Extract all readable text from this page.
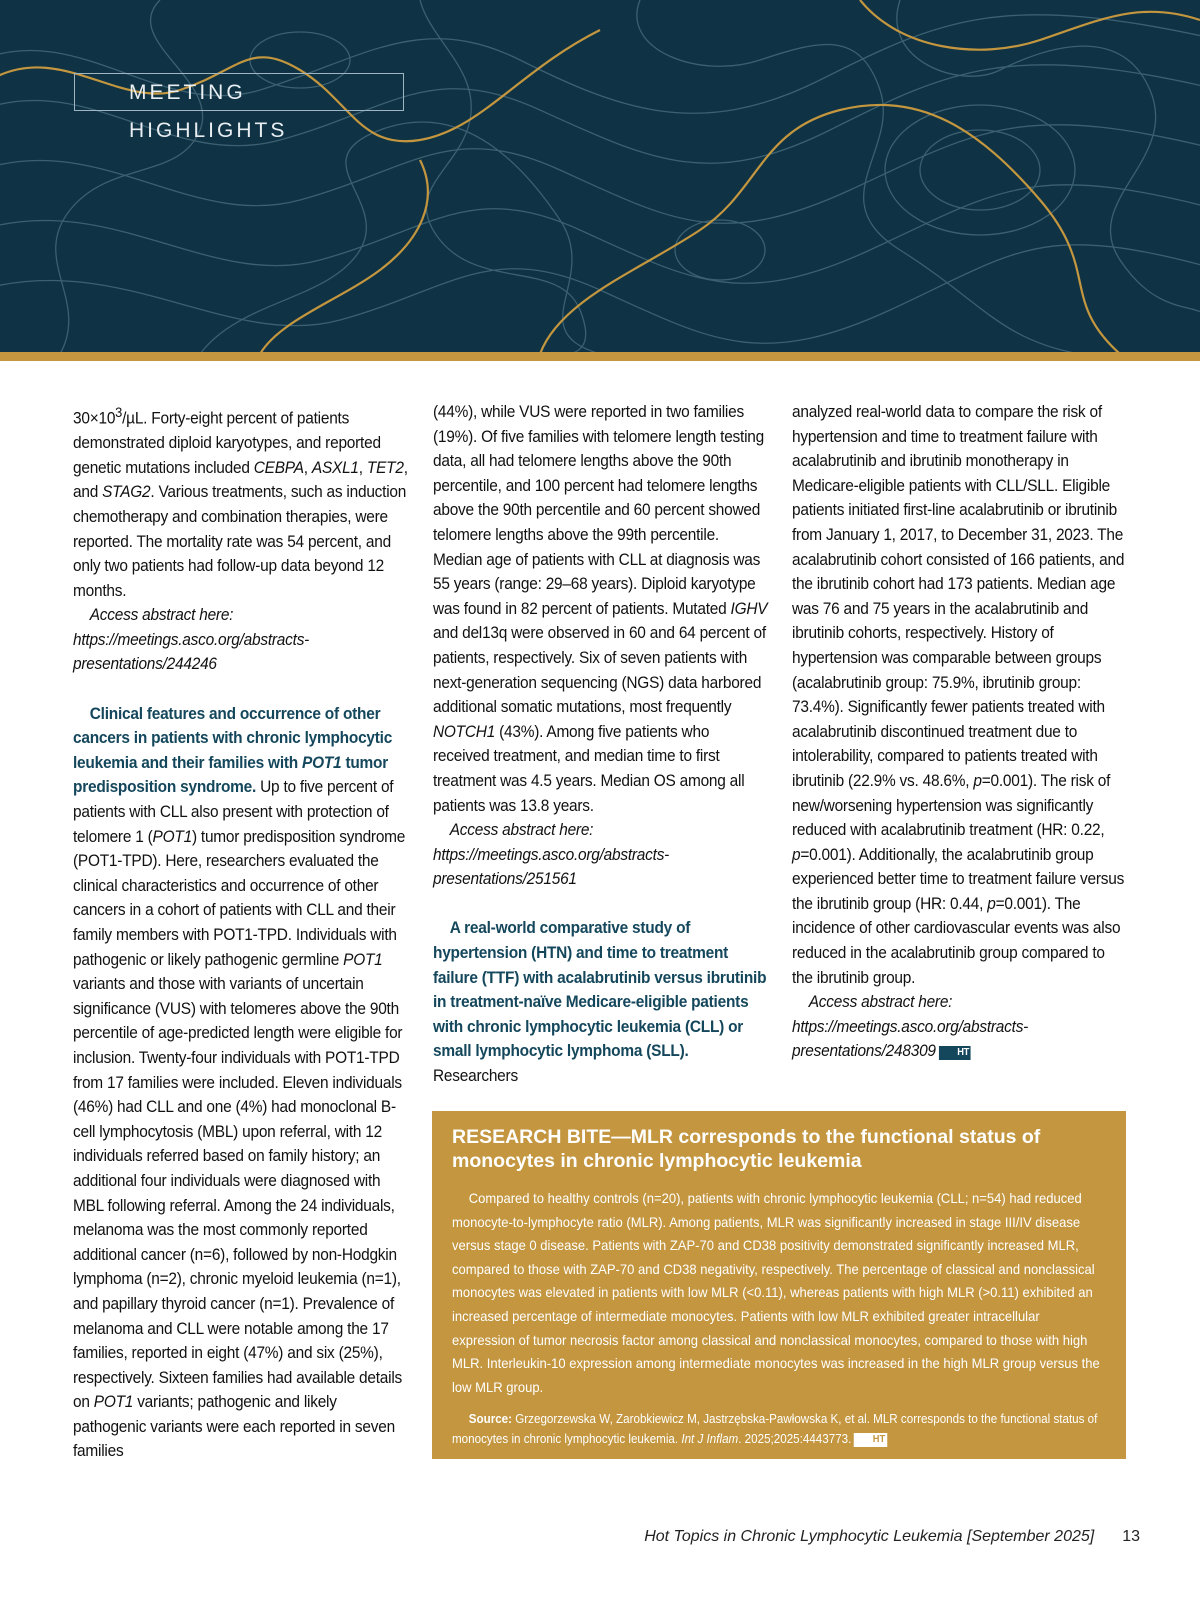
MEETING HIGHLIGHTS

$30\times 10^3/\mu L$. Forty-eight percent of patients demonstrated diploid karyotypes, and reported genetic mutations included CEBPA, ASXL1, TET2, and STAG2. Various treatments, such as induction chemotherapy and combination therapies, were reported. The mortality rate was 54 percent, and only two patients had follow-up data beyond 12 months.

Access abstract here: https://meetings.asco.org/abstracts-presentations/244246

Clinical features and occurrence of other cancers in patients with chronic lymphocytic leukemia and their families with POT1 tumor predisposition syndrome. Up to five percent of patients with CLL also present with protection of telomere 1 (POT1) tumor predisposition syndrome (POT1-TPD). Here, researchers evaluated the clinical characteristics and occurrence of other cancers in a cohort of patients with CLL and their family members with POT1-TPD. Individuals with pathogenic or likely pathogenic germline POT1 variants and those with variants of uncertain significance (VUS) with telomeres above the 90th percentile of age-predicted length were eligible for inclusion. Twenty-four individuals with POT1-TPD from 17 families were included. Eleven individuals (46%) had CLL and one (4%) had monoclonal B-cell lymphocytosis (MBL) upon referral, with 12 individuals referred based on family history; an additional four individuals were diagnosed with MBL following referral. Among the 24 individuals, melanoma was the most commonly reported additional cancer (n=6), followed by non-Hodgkin lymphoma (n=2), chronic myeloid leukemia (n=1), and papillary thyroid cancer (n=1). Prevalence of melanoma and CLL were notable among the 17 families, reported in eight (47%) and six (25%), respectively. Sixteen families had available details on POT1 variants; pathogenic and likely pathogenic variants were each reported in seven families

(44%), while VUS were reported in two families (19%). Of five families with telomere length testing data, all had telomere lengths above the 90th percentile, and 100 percent had telomere lengths above the 90th percentile and 60 percent showed telomere lengths above the 99th percentile. Median age of patients with CLL at diagnosis was 55 years (range: 29–68 years). Diploid karyotype was found in 82 percent of patients. Mutated IGHV and del13q were observed in 60 and 64 percent of patients, respectively. Six of seven patients with next-generation sequencing (NGS) data harbored additional somatic mutations, most frequently NOTCH1 (43%). Among five patients who received treatment, and median time to first treatment was 4.5 years. Median OS among all patients was 13.8 years.

Access abstract here: https://meetings.asco.org/abstracts-presentations/251561

A real-world comparative study of hypertension (HTN) and time to treatment failure (TTF) with acalabrutinib versus ibrutinib in treatment-naïve Medicare-eligible patients with chronic lymphocytic leukemia (CLL) or small lymphocytic lymphoma (SLL). Researchers

analyzed real-world data to compare the risk of hypertension and time to treatment failure with acalabrutinib and ibrutinib monotherapy in Medicare-eligible patients with CLL/SLL. Eligible patients initiated first-line acalabrutinib or ibrutinib from January 1, 2017, to December 31, 2023. The acalabrutinib cohort consisted of 166 patients, and the ibrutinib cohort had 173 patients. Median age was 76 and 75 years in the acalabrutinib and ibrutinib cohorts, respectively. History of hypertension was comparable between groups (acalabrutinib group: 75.9%, ibrutinib group: 73.4%). Significantly fewer patients treated with acalabrutinib discontinued treatment due to intolerability, compared to patients treated with ibrutinib (22.9% vs. 48.6%, p=0.001). The risk of new/worsening hypertension was significantly reduced with acalabrutinib treatment (HR: 0.22, p=0.001). Additionally, the acalabrutinib group experienced better time to treatment failure versus the ibrutinib group (HR: 0.44, p=0.001). The incidence of other cardiovascular events was also reduced in the acalabrutinib group compared to the ibrutinib group.

Access abstract here: https://meetings.asco.org/abstracts-presentations/248309 HT

RESEARCH BITE—MLR corresponds to the functional status of monocytes in chronic lymphocytic leukemia

Compared to healthy controls (n=20), patients with chronic lymphocytic leukemia (CLL; n=54) had reduced monocyte-to-lymphocyte ratio (MLR). Among patients, MLR was significantly increased in stage III/IV disease versus stage 0 disease. Patients with ZAP-70 and CD38 positivity demonstrated significantly increased MLR, compared to those with ZAP-70 and CD38 negativity, respectively. The percentage of classical and nonclassical monocytes was elevated in patients with low MLR (<0.11), whereas patients with high MLR (>0.11) exhibited an increased percentage of intermediate monocytes. Patients with low MLR exhibited greater intracellular expression of tumor necrosis factor among classical and nonclassical monocytes, compared to those with high MLR. Interleukin-10 expression among intermediate monocytes was increased in the high MLR group versus the low MLR group.

Source: Grzegorzewska W, Zarobkiewicz M, Jastrzębska-Pawłowska K, et al. MLR corresponds to the functional status of monocytes in chronic lymphocytic leukemia. Int J Inflam. 2025;2025:4443773. HT

Hot Topics in Chronic Lymphocytic Leukemia [September 2025] 13
